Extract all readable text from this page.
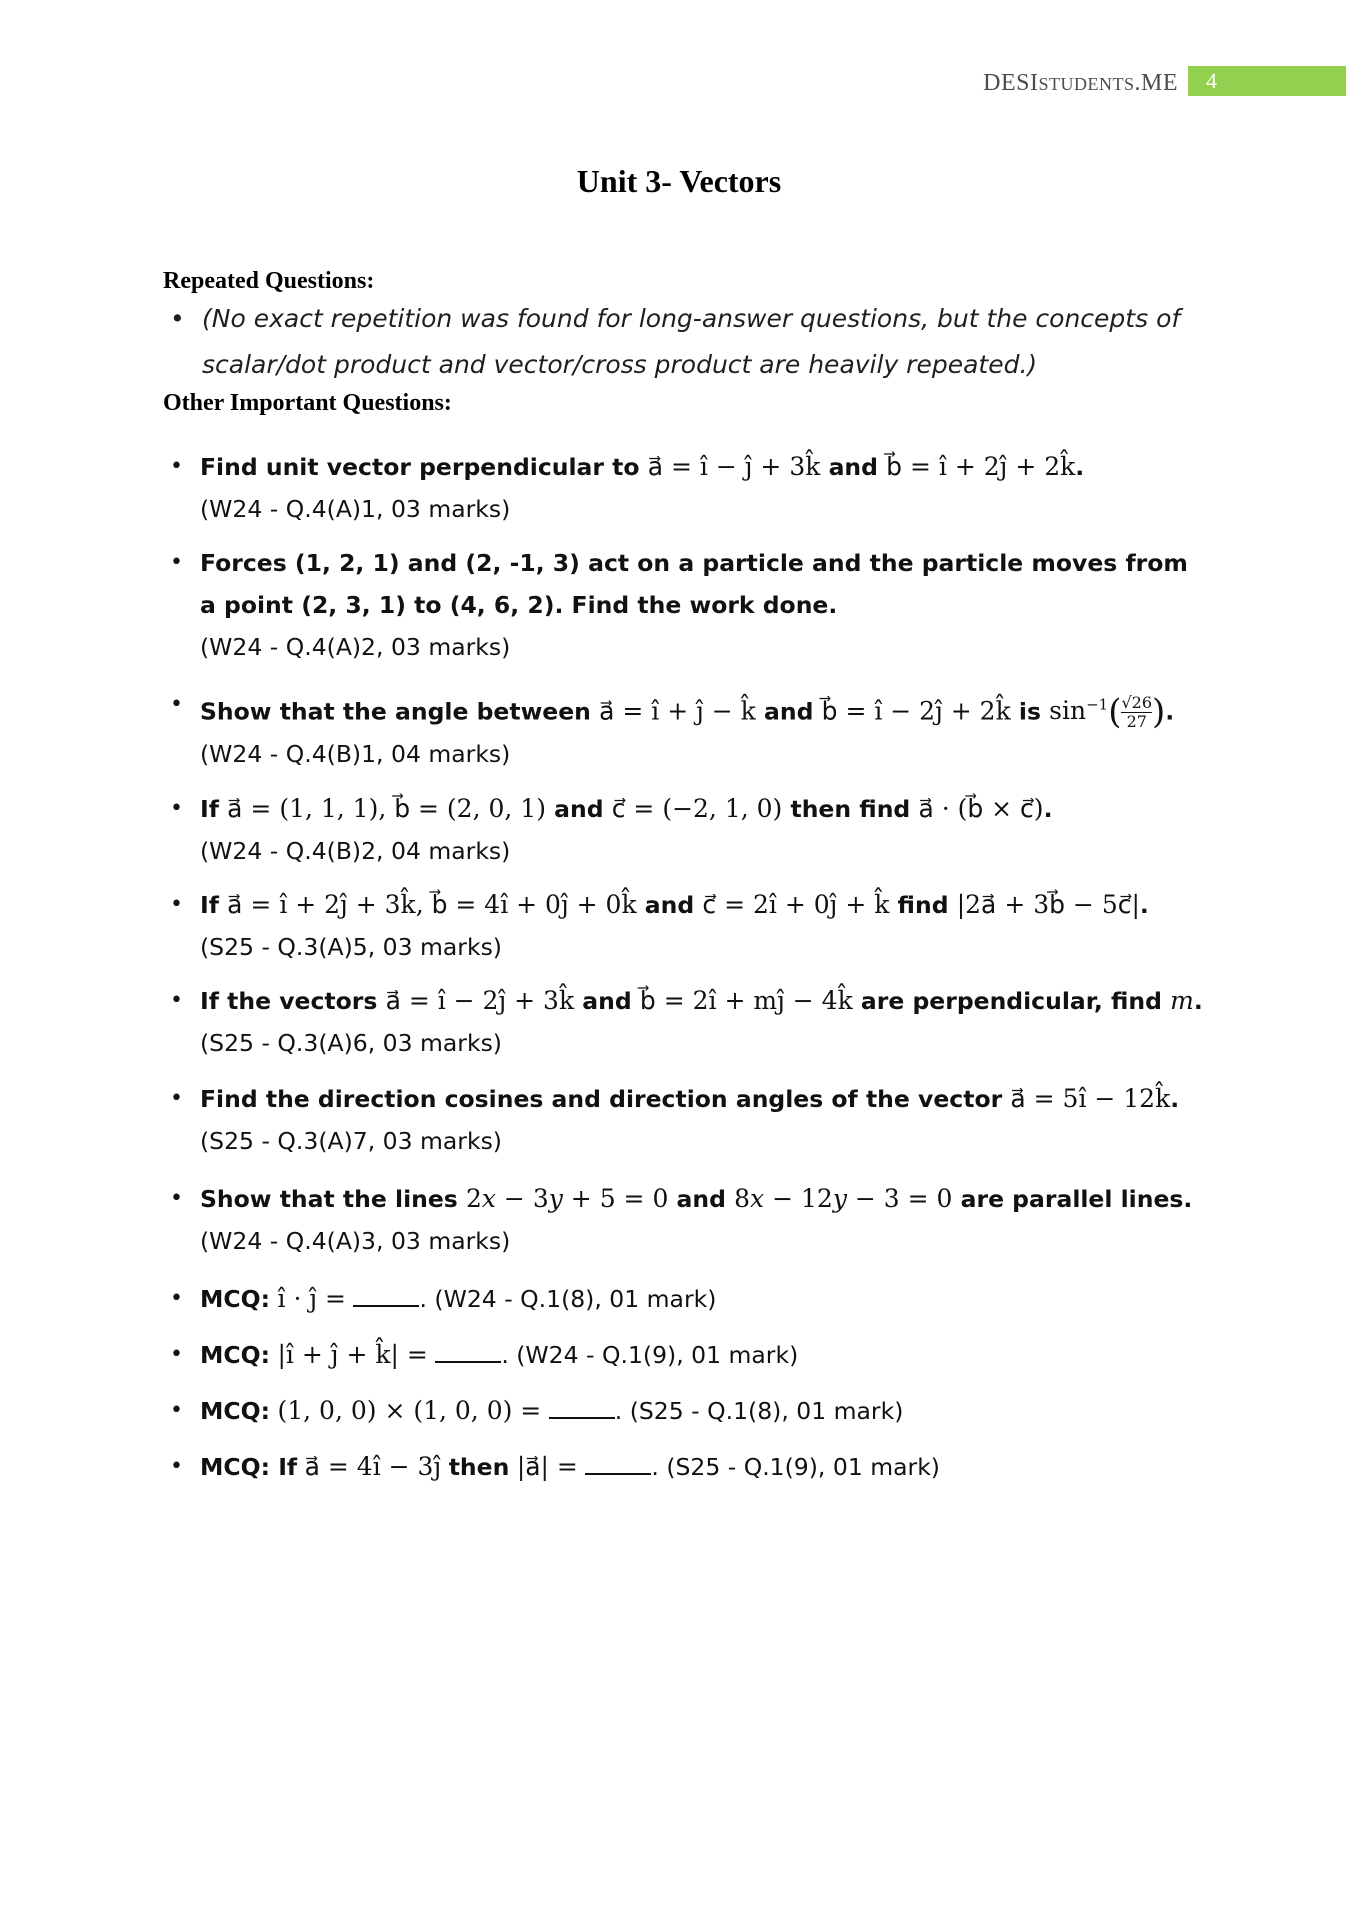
DESISTUDENTS.ME 4
Unit 3- Vectors
Repeated Questions:
• (No exact repetition was found for long-answer questions, but the concepts of scalar/dot product and vector/cross product are heavily repeated.)
Other Important Questions:
• Find unit vector perpendicular to a⃗ = î − ĵ + 3k̂ and b⃗ = î + 2ĵ + 2k̂.
(W24 - Q.4(A)1, 03 marks)
• Forces (1, 2, 1) and (2, -1, 3) act on a particle and the particle moves from a point (2, 3, 1) to (4, 6, 2). Find the work done.
(W24 - Q.4(A)2, 03 marks)
• Show that the angle between a⃗ = î + ĵ − k̂ and b⃗ = î − 2ĵ + 2k̂ is $\sin^{-1}( \frac{√26}{27}$ ).
(W24 - Q.4(B)1, 04 marks)
• If a⃗ = (1, 1, 1), b⃗ = (2, 0, 1) and c⃗ = (−2, 1, 0) then find a⃗ · (b⃗ × c⃗).
(W24 - Q.4(B)2, 04 marks)
• If a⃗ = î + 2ĵ + 3k̂, b⃗ = 4î + 0ĵ + 0k̂ and c⃗ = 2î + 0ĵ + k̂ find |2a⃗ + 3b⃗ − 5c⃗|.
(S25 - Q.3(A)5, 03 marks)
• If the vectors a⃗ = î − 2ĵ + 3k̂ and b⃗ = 2î + mĵ − 4k̂ are perpendicular, find m.
(S25 - Q.3(A)6, 03 marks)
• Find the direction cosines and direction angles of the vector a⃗ = 5î − 12k̂.
(S25 - Q.3(A)7, 03 marks)
• Show that the lines 2x − 3y + 5 = 0 and 8x − 12y − 3 = 0 are parallel lines.
(W24 - Q.4(A)3, 03 marks)
• MCQ: î · ĵ =	. (W24 - Q.1(8), 01 mark)
• MCQ: |î + ĵ + k̂| =	. (W24 - Q.1(9), 01 mark)
• MCQ: (1, 0, 0) × (1, 0, 0) =	. (S25 - Q.1(8), 01 mark)
• MCQ: If a⃗ = 4î − 3ĵ then |a⃗| =	. (S25 - Q.1(9), 01 mark)
